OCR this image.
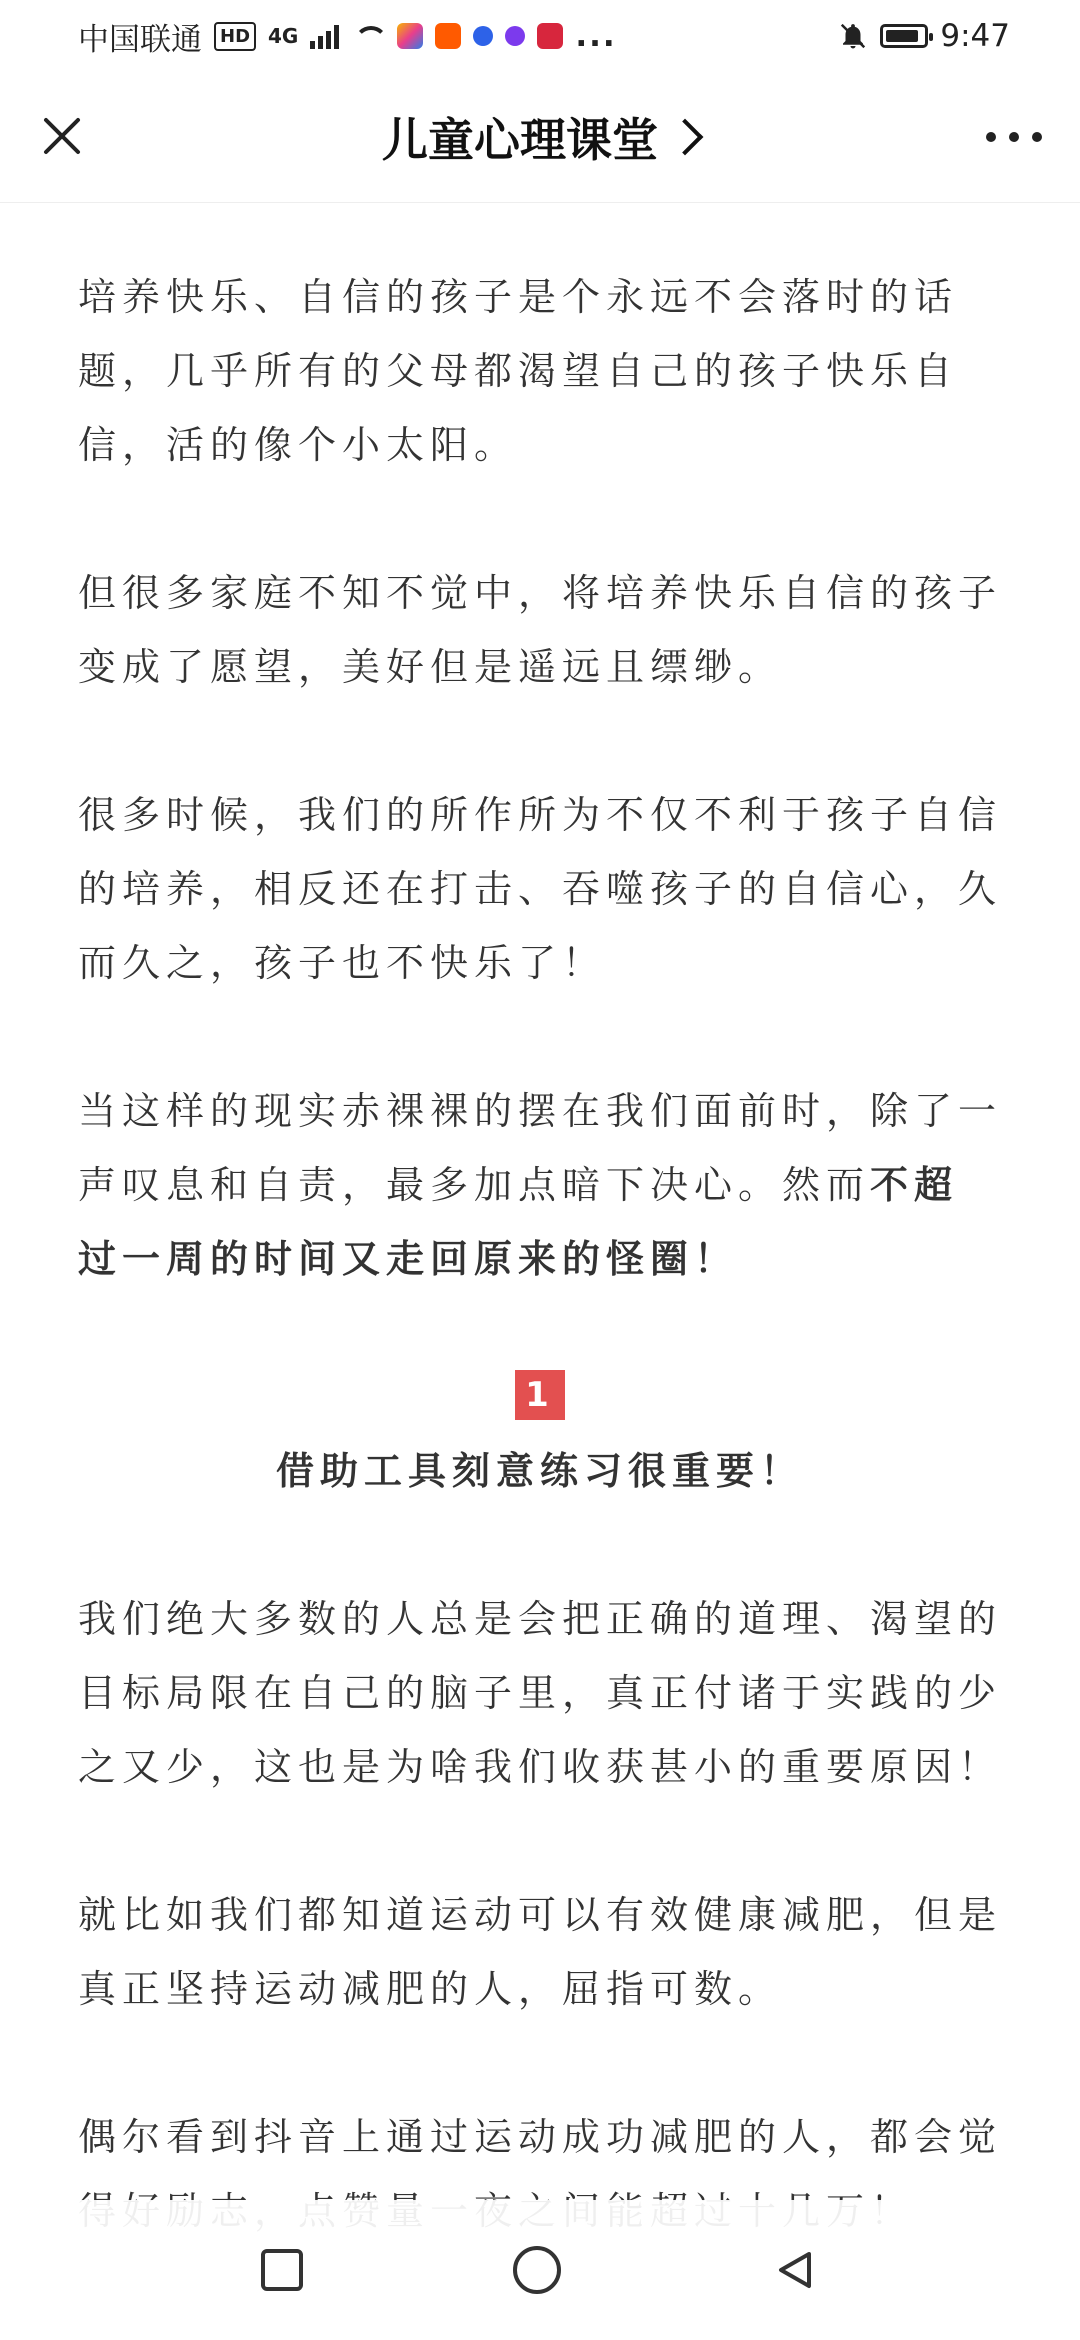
中国联通	HD 4G	...	9:47
儿童心理课堂

培养快乐、自信的孩子是个永远不会落时的话题，几乎所有的父母都渴望自己的孩子快乐自信，活的像个小太阳。

但很多家庭不知不觉中，将培养快乐自信的孩子变成了愿望，美好但是遥远且缥缈。

很多时候，我们的所作所为不仅不利于孩子自信的培养，相反还在打击、吞噬孩子的自信心，久而久之，孩子也不快乐了！

当这样的现实赤裸裸的摆在我们面前时，除了一声叹息和自责，最多加点暗下决心。然而不超过一周的时间又走回原来的怪圈！

1
借助工具刻意练习很重要！

我们绝大多数的人总是会把正确的道理、渴望的目标局限在自己的脑子里，真正付诸于实践的少之又少，这也是为啥我们收获甚小的重要原因！

就比如我们都知道运动可以有效健康减肥，但是真正坚持运动减肥的人，屈指可数。

偶尔看到抖音上通过运动成功减肥的人，都会觉
